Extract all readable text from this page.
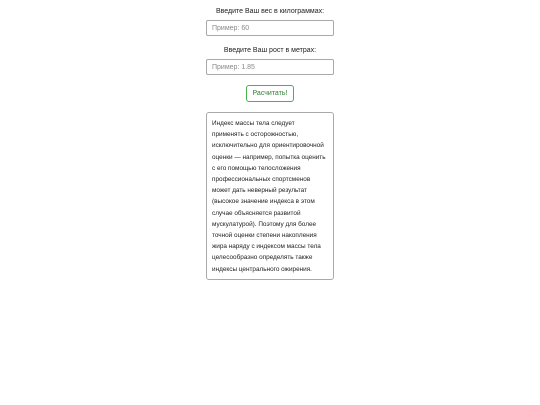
Введите Ваш вес в килограммах:
Пример: 60
Введите Ваш рост в метрах:
Пример: 1.85
Расчитать!
Индекс массы тела следует применять с осторожностью, исключительно для ориентировочной оценки — например, попытка оценить с его помощью телосложения профессиональных спортсменов может дать неверный результат (высокое значение индекса в этом случае объясняется развитой мускулатурой). Поэтому для более точной оценки степени накопления жира наряду с индексом массы тела целесообразно определять также индексы центрального ожирения.
